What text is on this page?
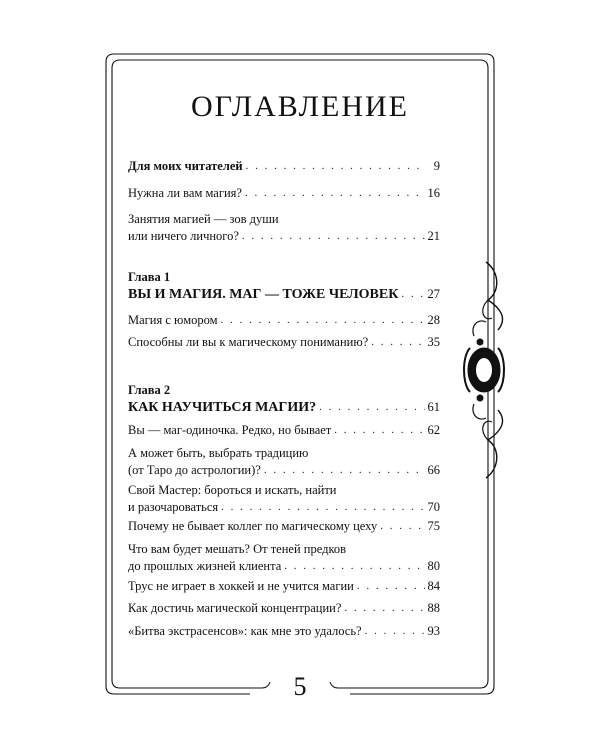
ОГЛАВЛЕНИЕ
Для моих читателей . . .	9
Нужна ли вам магия? . . .	16
Занятия магией — зов души
или ничего личного? . . .	21
Глава 1
ВЫ И МАГИЯ. МАГ — ТОЖЕ ЧЕЛОВЕК . . . 27
Магия с юмором . . .	28
Способны ли вы к магическому пониманию? . . .	35
Глава 2
КАК НАУЧИТЬСЯ МАГИИ? . . .	61
Вы — маг-одиночка. Редко, но бывает . . .	62
А может быть, выбрать традицию
(от Таро до астрологии)? . . .	66
Свой Мастер: бороться и искать, найти
и разочароваться . . .	70
Почему не бывает коллег по магическому цеху . . .	75
Что вам будет мешать? От теней предков
до прошлых жизней клиента . . .	80
Трус не играет в хоккей и не учится магии . . .	84
Как достичь магической концентрации? . . .	88
«Битва экстрасенсов»: как мне это удалось? . . .	93
5
